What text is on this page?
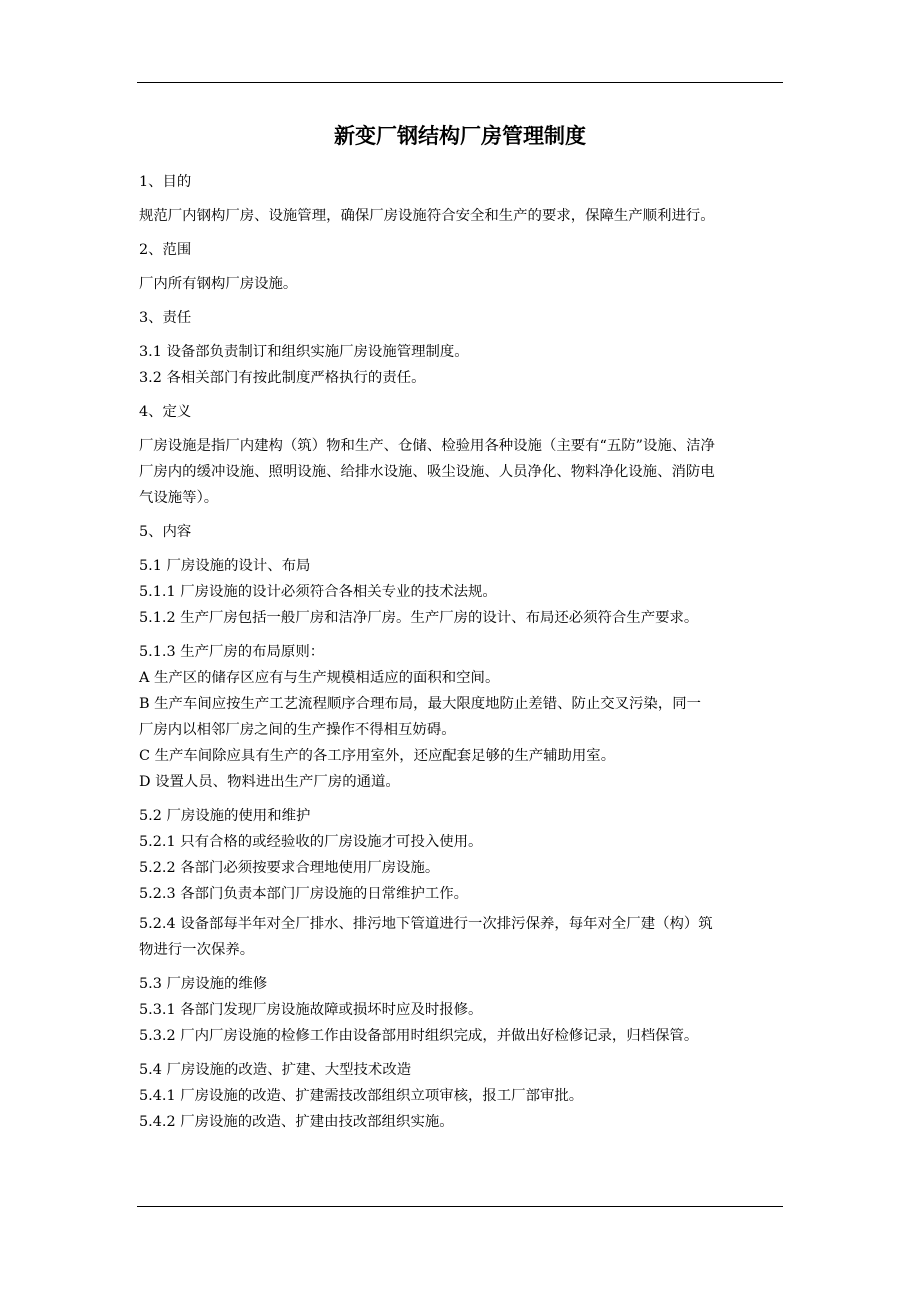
新变厂钢结构厂房管理制度

1、目的

规范厂内钢构厂房、设施管理，确保厂房设施符合安全和生产的要求，保障生产顺利进行。

2、范围

厂内所有钢构厂房设施。

3、责任

3.1 设备部负责制订和组织实施厂房设施管理制度。

3.2 各相关部门有按此制度严格执行的责任。

4、定义

厂房设施是指厂内建构（筑）物和生产、仓储、检验用各种设施（主要有“五防”设施、洁净

厂房内的缓冲设施、照明设施、给排水设施、吸尘设施、人员净化、物料净化设施、消防电

气设施等）。

5、内容

5.1 厂房设施的设计、布局

5.1.1 厂房设施的设计必须符合各相关专业的技术法规。

5.1.2 生产厂房包括一般厂房和洁净厂房。生产厂房的设计、布局还必须符合生产要求。

5.1.3 生产厂房的布局原则：

A 生产区的储存区应有与生产规模相适应的面积和空间。

B 生产车间应按生产工艺流程顺序合理布局，最大限度地防止差错、防止交叉污染，同一

厂房内以相邻厂房之间的生产操作不得相互妨碍。

C 生产车间除应具有生产的各工序用室外，还应配套足够的生产辅助用室。

D 设置人员、物料进出生产厂房的通道。

5.2 厂房设施的使用和维护

5.2.1 只有合格的或经验收的厂房设施才可投入使用。

5.2.2 各部门必须按要求合理地使用厂房设施。

5.2.3 各部门负责本部门厂房设施的日常维护工作。

5.2.4 设备部每半年对全厂排水、排污地下管道进行一次排污保养，每年对全厂建（构）筑

物进行一次保养。

5.3 厂房设施的维修

5.3.1 各部门发现厂房设施故障或损坏时应及时报修。

5.3.2 厂内厂房设施的检修工作由设备部用时组织完成，并做出好检修记录，归档保管。

5.4 厂房设施的改造、扩建、大型技术改造

5.4.1 厂房设施的改造、扩建需技改部组织立项审核，报工厂部审批。

5.4.2 厂房设施的改造、扩建由技改部组织实施。
